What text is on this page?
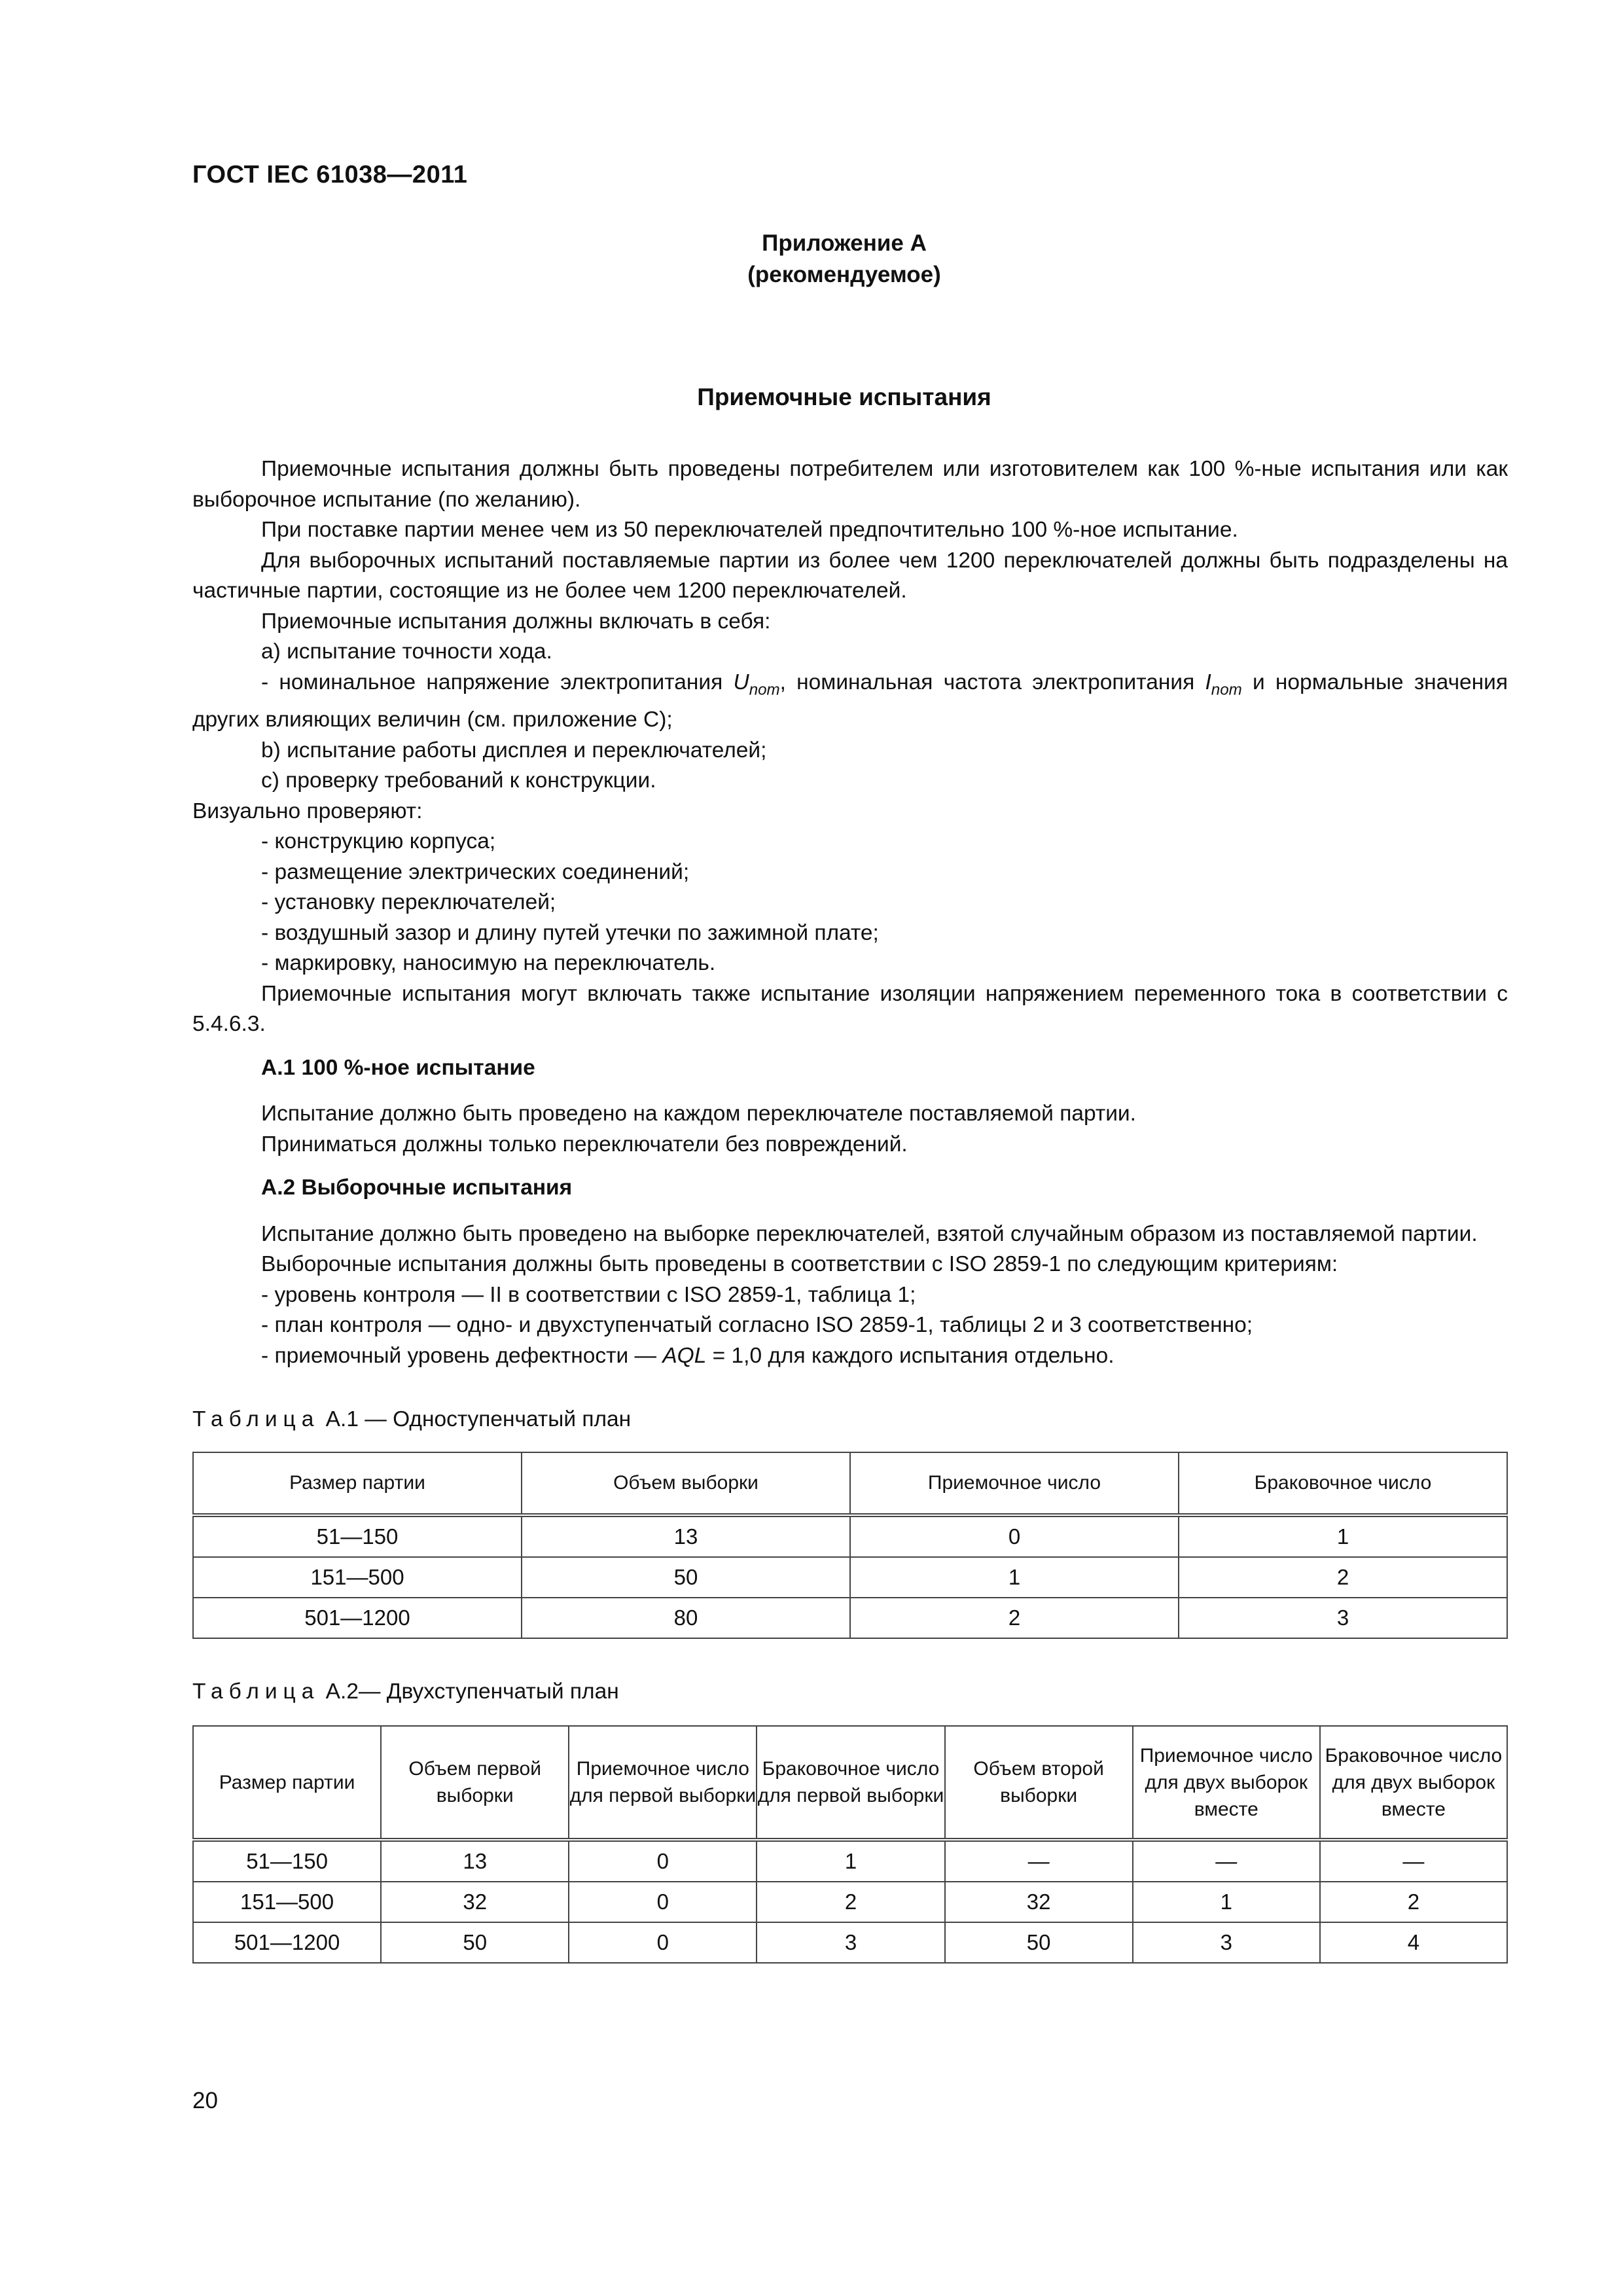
ГОСТ IEC 61038—2011
Приложение А
(рекомендуемое)
Приемочные испытания

Приемочные испытания должны быть проведены потребителем или изготовителем как 100 %-ные испытания или как выборочное испытание (по желанию).

При поставке партии менее чем из 50 переключателей предпочтительно 100 %-ное испытание.

Для выборочных испытаний поставляемые партии из более чем 1200 переключателей должны быть подразделены на частичные партии, состоящие из не более чем 1200 переключателей.

Приемочные испытания должны включать в себя:

а) испытание точности хода.

- номинальное напряжение электропитания $U_{nom}$, номинальная частота электропитания $I_{nom}$ и нормальные значения других влияющих величин (см. приложение С);

b) испытание работы дисплея и переключателей;

с) проверку требований к конструкции.

Визуально проверяют:

- конструкцию корпуса;

- размещение электрических соединений;

- установку переключателей;

- воздушный зазор и длину путей утечки по зажимной плате;

- маркировку, наносимую на переключатель.

Приемочные испытания могут включать также испытание изоляции напряжением переменного тока в соответствии с 5.4.6.3.

А.1 100 %-ное испытание

Испытание должно быть проведено на каждом переключателе поставляемой партии.

Приниматься должны только переключатели без повреждений.

А.2 Выборочные испытания

Испытание должно быть проведено на выборке переключателей, взятой случайным образом из поставляемой партии.

Выборочные испытания должны быть проведены в соответствии с ISO 2859-1 по следующим критериям:

- уровень контроля — II в соответствии с ISO 2859-1, таблица 1;

- план контроля — одно- и двухступенчатый согласно ISO 2859-1, таблицы 2 и 3 соответственно;

- приемочный уровень дефектности — AQL = 1,0 для каждого испытания отдельно.

Таблица А.1 — Одноступенчатый план
Размер партии	Объем выборки	Приемочное число	Браковочное число
51—150	13	0	1
151—500	50	1	2
501—1200	80	2	3
Таблица А.2— Двухступенчатый план
Размер партии	Объем первой выборки	Приемочное число для первой выборки	Браковочное число для первой выборки	Объем второй выборки	Приемочное число для двух выборок вместе	Браковочное число для двух выборок вместе
51—150	13	0	1	—	—	—
151—500	32	0	2	32	1	2
501—1200	50	0	3	50	3	4
20
